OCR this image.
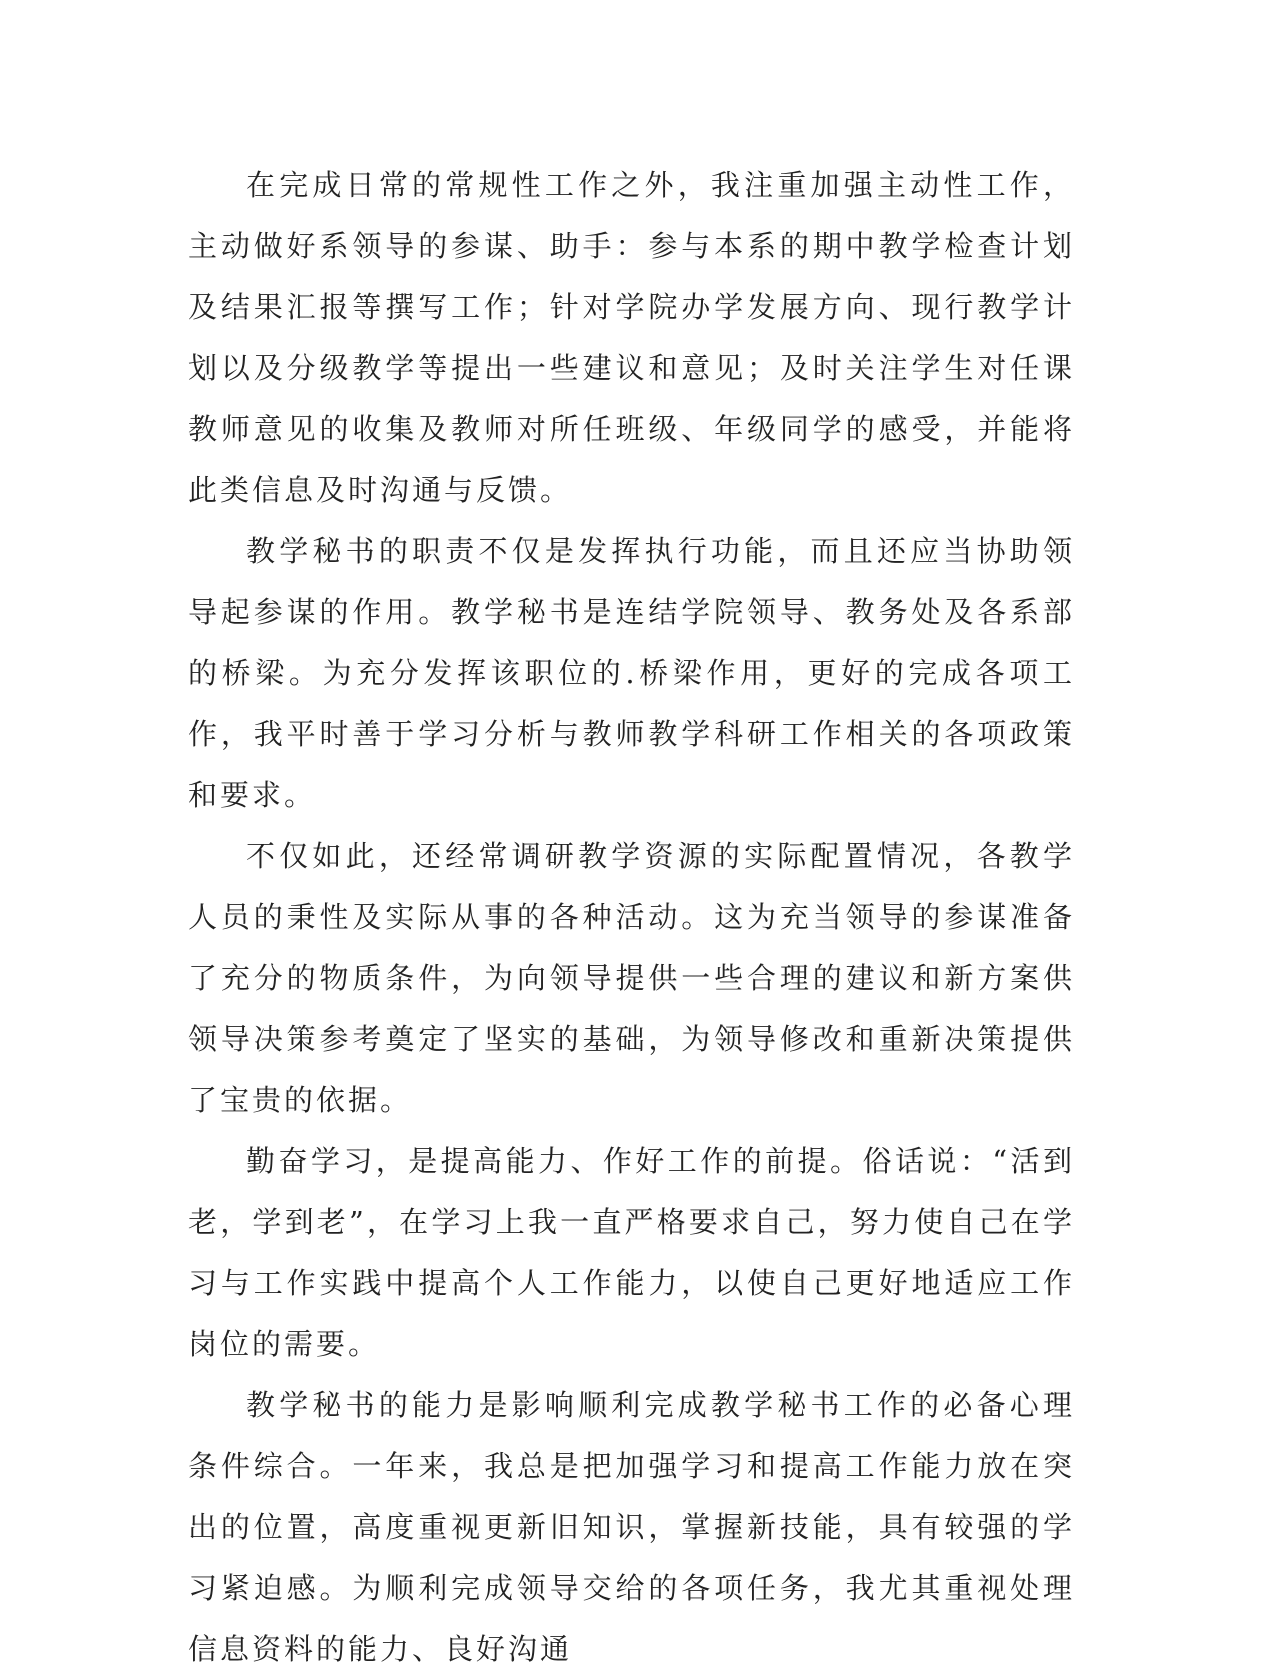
在完成日常的常规性工作之外，我注重加强主动性工作，主动做好系领导的参谋、助手：参与本系的期中教学检查计划及结果汇报等撰写工作；针对学院办学发展方向、现行教学计划以及分级教学等提出一些建议和意见；及时关注学生对任课教师意见的收集及教师对所任班级、年级同学的感受，并能将此类信息及时沟通与反馈。

教学秘书的职责不仅是发挥执行功能，而且还应当协助领导起参谋的作用。教学秘书是连结学院领导、教务处及各系部的桥梁。为充分发挥该职位的.桥梁作用，更好的完成各项工作，我平时善于学习分析与教师教学科研工作相关的各项政策和要求。

不仅如此，还经常调研教学资源的实际配置情况，各教学人员的秉性及实际从事的各种活动。这为充当领导的参谋准备了充分的物质条件，为向领导提供一些合理的建议和新方案供领导决策参考奠定了坚实的基础，为领导修改和重新决策提供了宝贵的依据。

勤奋学习，是提高能力、作好工作的前提。俗话说：“活到老，学到老”，在学习上我一直严格要求自己，努力使自己在学习与工作实践中提高个人工作能力，以使自己更好地适应工作岗位的需要。

教学秘书的能力是影响顺利完成教学秘书工作的必备心理条件综合。一年来，我总是把加强学习和提高工作能力放在突出的位置，高度重视更新旧知识，掌握新技能，具有较强的学习紧迫感。为顺利完成领导交给的各项任务，我尤其重视处理信息资料的能力、良好沟通
